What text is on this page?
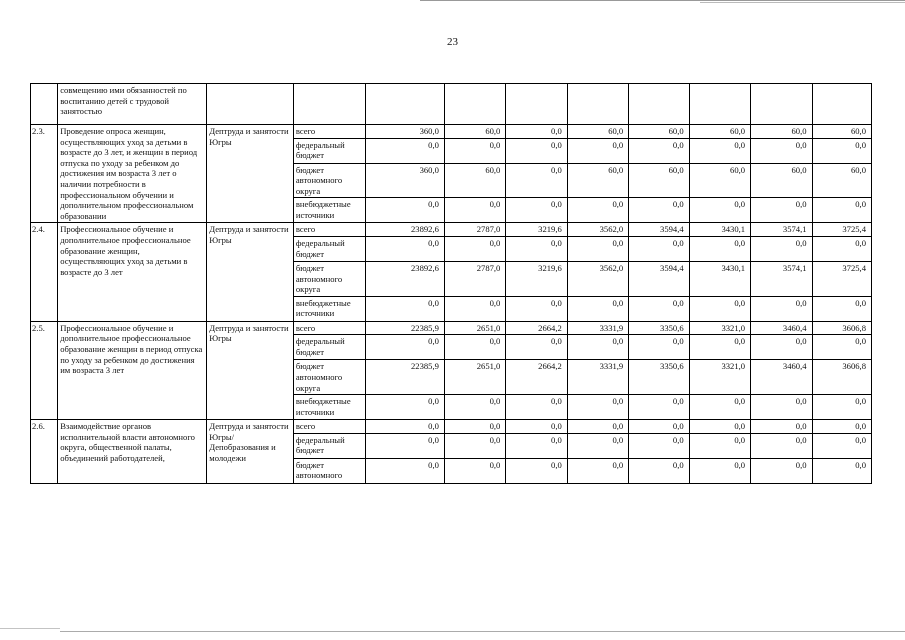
23
	совмещению ими обязанностей по воспитанию детей с трудовой занятостью										
2.3.	Проведение опроса женщин, осуществляющих уход за детьми в возрасте до 3 лет, и женщин в период отпуска по уходу за ребенком до достижения им возраста 3 лет о наличии потребности в профессиональном обучении и дополнительном профессиональном образовании	Дептруда и занятости Югры	всего	360,0	60,0	0,0	60,0	60,0	60,0	60,0	60,0
			федеральный бюджет	0,0	0,0	0,0	0,0	0,0	0,0	0,0	0,0
			бюджет автономного округа	360,0	60,0	0,0	60,0	60,0	60,0	60,0	60,0
			внебюджетные источники	0,0	0,0	0,0	0,0	0,0	0,0	0,0	0,0
2.4.	Профессиональное обучение и дополнительное профессиональное образование женщин, осуществляющих уход за детьми в возрасте до 3 лет	Дептруда и занятости Югры	всего	23892,6	2787,0	3219,6	3562,0	3594,4	3430,1	3574,1	3725,4
			федеральный бюджет	0,0	0,0	0,0	0,0	0,0	0,0	0,0	0,0
			бюджет автономного округа	23892,6	2787,0	3219,6	3562,0	3594,4	3430,1	3574,1	3725,4
			внебюджетные источники	0,0	0,0	0,0	0,0	0,0	0,0	0,0	0,0
2.5.	Профессиональное обучение и дополнительное профессиональное образование женщин в период отпуска по уходу за ребенком до достижения им возраста 3 лет	Дептруда и занятости Югры	всего	22385,9	2651,0	2664,2	3331,9	3350,6	3321,0	3460,4	3606,8
			федеральный бюджет	0,0	0,0	0,0	0,0	0,0	0,0	0,0	0,0
			бюджет автономного округа	22385,9	2651,0	2664,2	3331,9	3350,6	3321,0	3460,4	3606,8
			внебюджетные источники	0,0	0,0	0,0	0,0	0,0	0,0	0,0	0,0
2.6.	Взаимодействие органов исполнительной власти автономного округа, общественной палаты, объединений работодателей,	Дептруда и занятости Югры/Депобразования и молодежи	всего	0,0	0,0	0,0	0,0	0,0	0,0	0,0	0,0
			федеральный бюджет	0,0	0,0	0,0	0,0	0,0	0,0	0,0	0,0
			бюджет автономного	0,0	0,0	0,0	0,0	0,0	0,0	0,0	0,0
